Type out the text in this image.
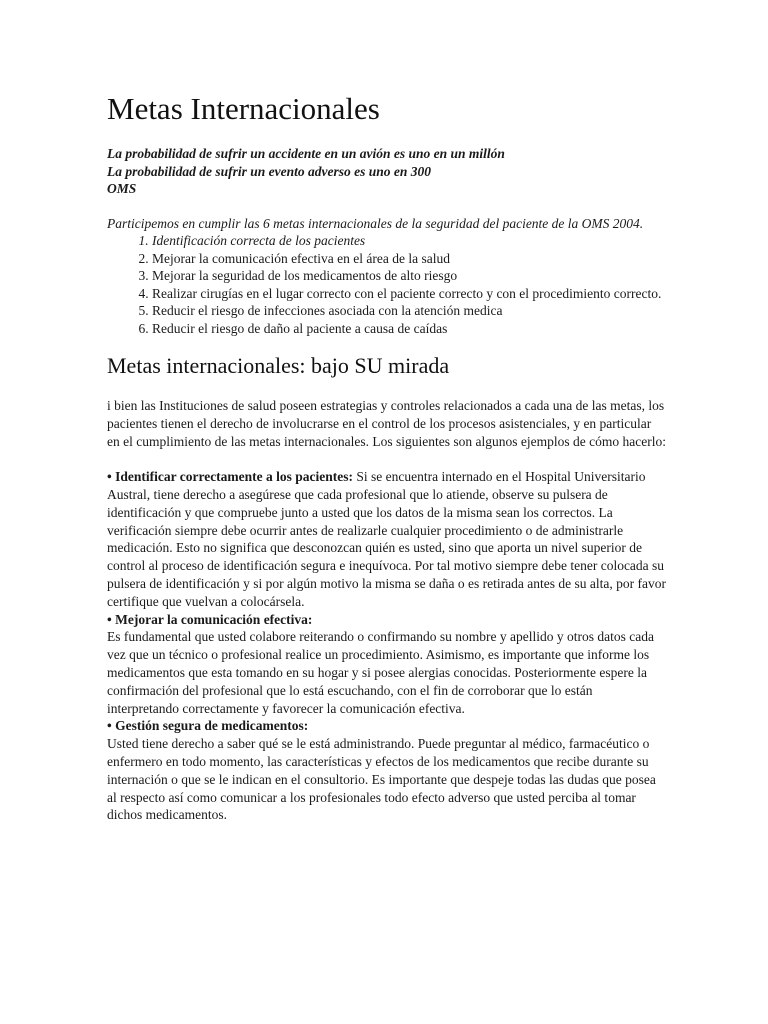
Metas Internacionales
La probabilidad de sufrir un accidente en un avión es uno en un millón
La probabilidad de sufrir un evento adverso es uno en 300
OMS

Participemos en cumplir las 6 metas internacionales de la seguridad del paciente de la OMS 2004.

1. Identificación correcta de los pacientes
2. Mejorar la comunicación efectiva en el área de la salud
3. Mejorar la seguridad de los medicamentos de alto riesgo
4. Realizar cirugías en el lugar correcto con el paciente correcto y con el procedimiento correcto.
5. Reducir el riesgo de infecciones asociada con la atención medica
6. Reducir el riesgo de daño al paciente a causa de caídas
Metas internacionales: bajo SU mirada

i bien las Instituciones de salud poseen estrategias y controles relacionados a cada una de las metas, los pacientes tienen el derecho de involucrarse en el control de los procesos asistenciales, y en particular en el cumplimiento de las metas internacionales. Los siguientes son algunos ejemplos de cómo hacerlo:

• Identificar correctamente a los pacientes: Si se encuentra internado en el Hospital Universitario Austral, tiene derecho a asegúrese que cada profesional que lo atiende, observe su pulsera de identificación y que compruebe junto a usted que los datos de la misma sean los correctos. La verificación siempre debe ocurrir antes de realizarle cualquier procedimiento o de administrarle medicación. Esto no significa que desconozcan quién es usted, sino que aporta un nivel superior de control al proceso de identificación segura e inequívoca. Por tal motivo siempre debe tener colocada su pulsera de identificación y si por algún motivo la misma se daña o es retirada antes de su alta, por favor certifique que vuelvan a colocársela.

• Mejorar la comunicación efectiva:

Es fundamental que usted colabore reiterando o confirmando su nombre y apellido y otros datos cada vez que un técnico o profesional realice un procedimiento. Asimismo, es importante que informe los medicamentos que esta tomando en su hogar y si posee alergias conocidas. Posteriormente espere la confirmación del profesional que lo está escuchando, con el fin de corroborar que lo están interpretando correctamente y favorecer la comunicación efectiva.

• Gestión segura de medicamentos:

Usted tiene derecho a saber qué se le está administrando. Puede preguntar al médico, farmacéutico o enfermero en todo momento, las características y efectos de los medicamentos que recibe durante su internación o que se le indican en el consultorio. Es importante que despeje todas las dudas que posea al respecto así como comunicar a los profesionales todo efecto adverso que usted perciba al tomar dichos medicamentos.
